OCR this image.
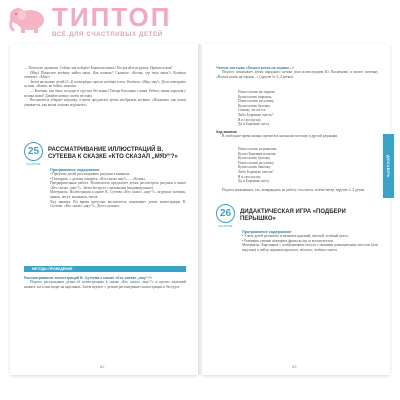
ТИПТОП
ВСЁ ДЛЯ СЧАСТЛИВЫХ ДЕТЕЙ

— Потеплее оденемся. Сейчас мы пойдём! Какая кисонька? Потрогайте игрушку. Нравится вам?

(Мяу) Помогите котёнку найти маму. Как позвать? Скажите: «Котик, где твоя мама?» Котёнок отвечает: «Мяу!»

Затем несколько детей (3–4) поочерёдно просят котёнка спеть. Котёнок: «Мяу, мяу!» Дети повторяют за ним. «Котик, не бойся, малыш».

— Котёнок, как было холодно и грустно без мамы! Теперь Кисонька с нами. Ребята, какая хорошая у котика мама? Давайте котику споём песенку.

Воспитатель убирает игрушку, а затем предлагает детям изобразить котёнка: «Покажите, как котик умывается, как котик ласково мурлычет».

25
ЗАНЯТИЕ
РАССМАТРИВАНИЕ ИЛЛЮСТРАЦИЙ В. СУТЕЕВА К СКАЗКЕ «КТО СКАЗАЛ „МЯУ“?»
Программное содержание

• Приучать детей рассматривать рисунки в книжках.

• Поощрять, с детьми говорить. «Кто сказал мяу?» — «Котик».

Предварительная работа. Воспитатель предлагает детям рассмотреть рисунки к книге «Кто сказал „мяу“?». Затем беседует с малышами (индивидуально).

Материалы. Иллюстрации к книге В. Сутеева «Кто сказал „мяу“?», игрушки: котёнок, щенок, петух, мышонок, пчела.

Ход занятия. Во время прогулки воспитатель показывает детям иллюстрации В. Сутеева. «Кто сказал „мяу“?». Дети слушают.

МЕТОДЫ ПРОВЕДЕНИЯ
Рассматривание иллюстраций В. Сутеева к сказке «Кто сказал „мяу“?»

Педагог рассказывает детям об иллюстрациях к сказке «Кто сказал „мяу“?» и просит малышей назвать, кого они видят на картинках. Затем педагог с детьми рассматривает иллюстрации и беседует.

62
Чтение потешки «Пошел котик на торжок...»

Педагог показывает детям нарядного котика (или иллюстрацию Ю. Васнецова) и читает потешку «Пошел котик на торжок...» (другие № 3–4 детям):

Пошел котик на торжок,
Купил котик пирожок,
Пошел котик на улочку,
Купил котик булочку.
Самому ли съесть
Либо Бореньке снесть?
Я и сам укушу,
Да и Бореньке снесу.
Ход занятия

В свободное время можно прочитать малышам потешку в другой редакции.

Пошел котик на рыночек,
Купил Бореньке калачик.
Купил котик булочку,
Пошел котик на улочку.
Купил котик баночку,
Либо Бореньке снести?
Я и сам укушу,
Да и Бореньке снесу.

Педагог напоминает, что, возвращаясь на работу, эта газета, зелёно-ветер, вдругие 2–3 детям.

26
ЗАНЯТИЕ
ДИДАКТИЧЕСКАЯ ИГРА «ПОДБЕРИ ПЕРЫШКО»
Программное содержание

• Учить детей различать и называть красный, жёлтый, зелёный цвета.

• Развивать умение повторять фразы вслед за воспитателем.

Материалы. Картонные с изображением петуха с пышным разноцветным хвостом (или игрушка) и набор перышек красного, жёлтого, зелёного цвета.

63
ДЕКАБРЬ
